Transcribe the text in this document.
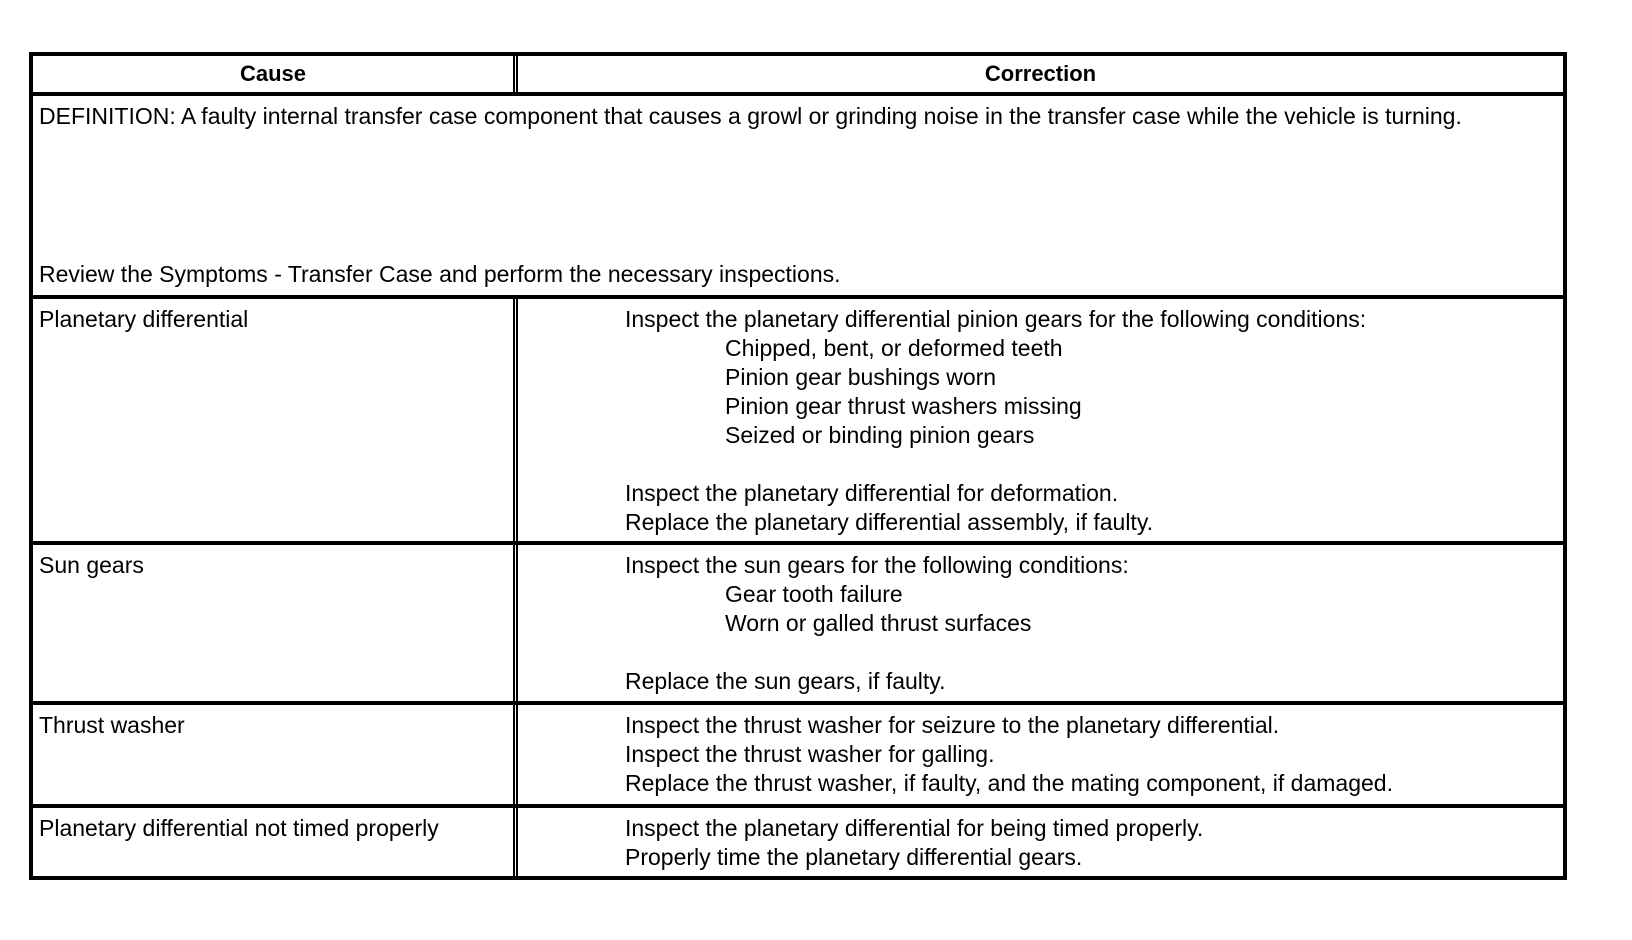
Cause	Correction
DEFINITION: A faulty internal transfer case component that causes a growl or grinding noise in the transfer case while the vehicle is turning.
Review the Symptoms - Transfer Case and perform the necessary inspections.
Planetary differential	Inspect the planetary differential pinion gears for the following conditions:
Chipped, bent, or deformed teeth
Pinion gear bushings worn
Pinion gear thrust washers missing
Seized or binding pinion gears
Inspect the planetary differential for deformation.
Replace the planetary differential assembly, if faulty.
Sun gears	Inspect the sun gears for the following conditions:
Gear tooth failure
Worn or galled thrust surfaces
Replace the sun gears, if faulty.
Thrust washer	Inspect the thrust washer for seizure to the planetary differential.
Inspect the thrust washer for galling.
Replace the thrust washer, if faulty, and the mating component, if damaged.
Planetary differential not timed properly	Inspect the planetary differential for being timed properly.
Properly time the planetary differential gears.
